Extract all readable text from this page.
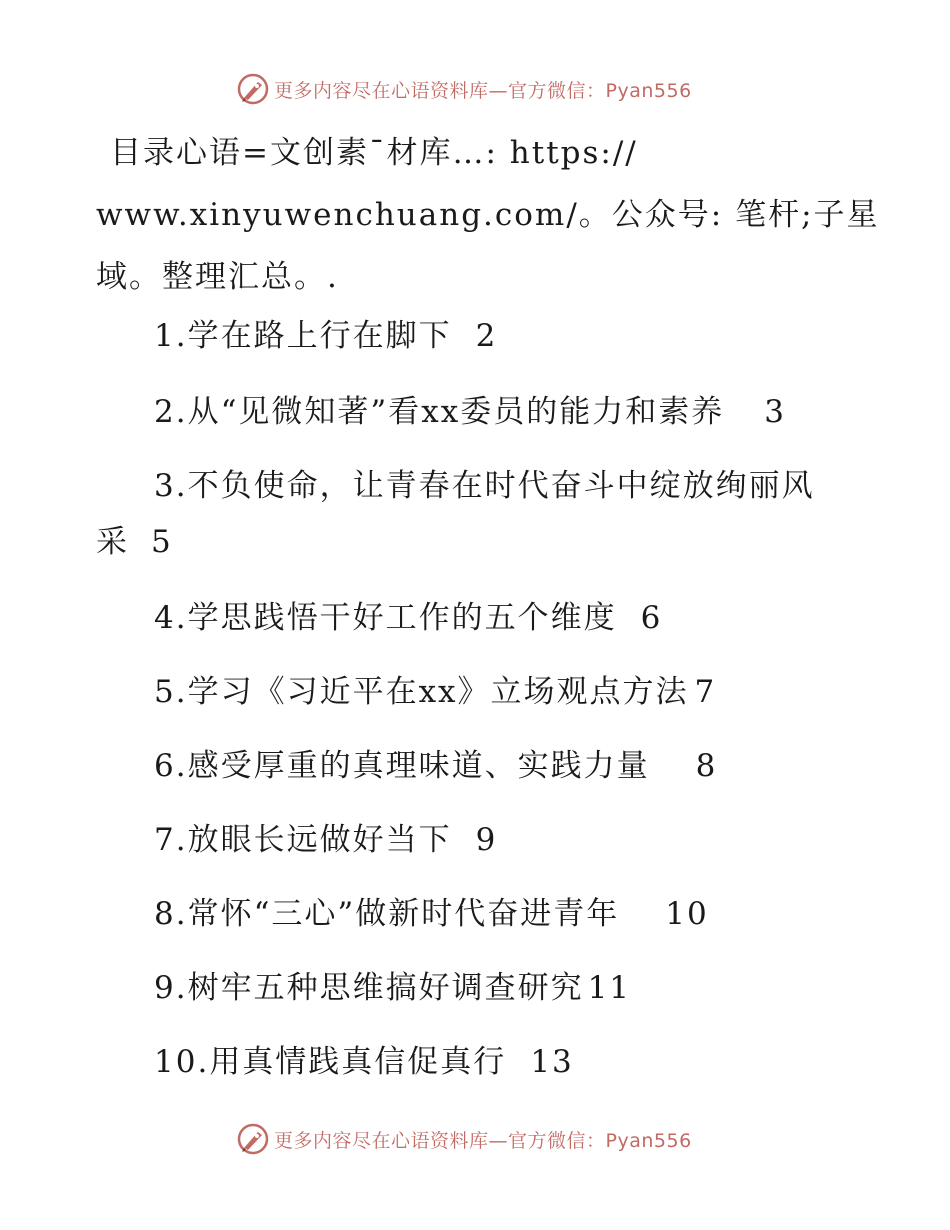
更多内容尽在心语资料库—官方微信：Pyan556
目录心语=文创素¯材库…: https://
www.xinyuwenchuang.com/。公众号: 笔杆;子星
域。整理汇总。.
1.学在路上行在脚下 2
2.从“见微知著”看xx委员的能力和素养 3
3.不负使命，让青春在时代奋斗中绽放绚丽风
采 5
4.学思践悟干好工作的五个维度 6
5.学习《习近平在xx》立场观点方法 7
6.感受厚重的真理味道、实践力量 8
7.放眼长远做好当下 9
8.常怀“三心”做新时代奋进青年 10
9.树牢五种思维搞好调查研究 11
10.用真情践真信促真行 13
更多内容尽在心语资料库—官方微信：Pyan556
